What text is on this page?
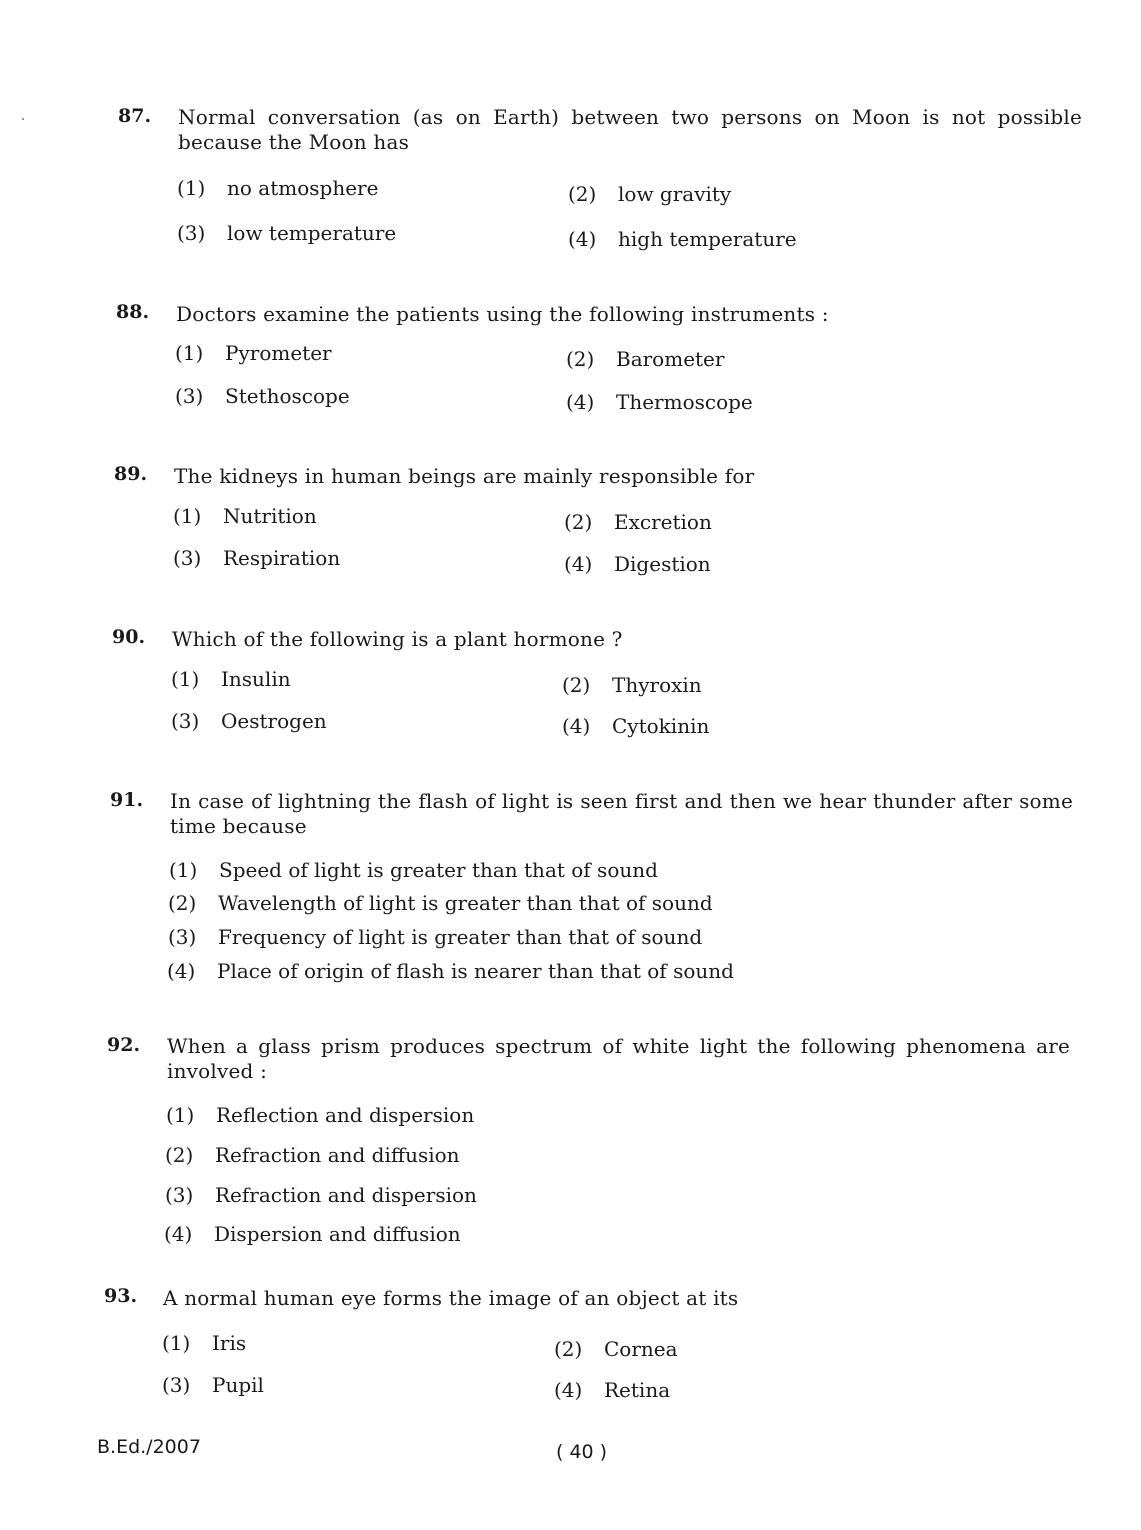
87. Normal conversation (as on Earth) between two persons on Moon is not possible because the Moon has
(1) no atmosphere	(2) low gravity
(3) low temperature	(4) high temperature
88. Doctors examine the patients using the following instruments :
(1) Pyrometer	(2) Barometer
(3) Stethoscope	(4) Thermoscope
89. The kidneys in human beings are mainly responsible for
(1) Nutrition	(2) Excretion
(3) Respiration	(4) Digestion
90. Which of the following is a plant hormone ?
(1) Insulin	(2) Thyroxin
(3) Oestrogen	(4) Cytokinin
91. In case of lightning the flash of light is seen first and then we hear thunder after some time because
(1) Speed of light is greater than that of sound
(2) Wavelength of light is greater than that of sound
(3) Frequency of light is greater than that of sound
(4) Place of origin of flash is nearer than that of sound
92. When a glass prism produces spectrum of white light the following phenomena are involved :
(1) Reflection and dispersion
(2) Refraction and diffusion
(3) Refraction and dispersion
(4) Dispersion and diffusion
93. A normal human eye forms the image of an object at its
(1) Iris	(2) Cornea
(3) Pupil	(4) Retina
B.Ed./2007	( 40 )
